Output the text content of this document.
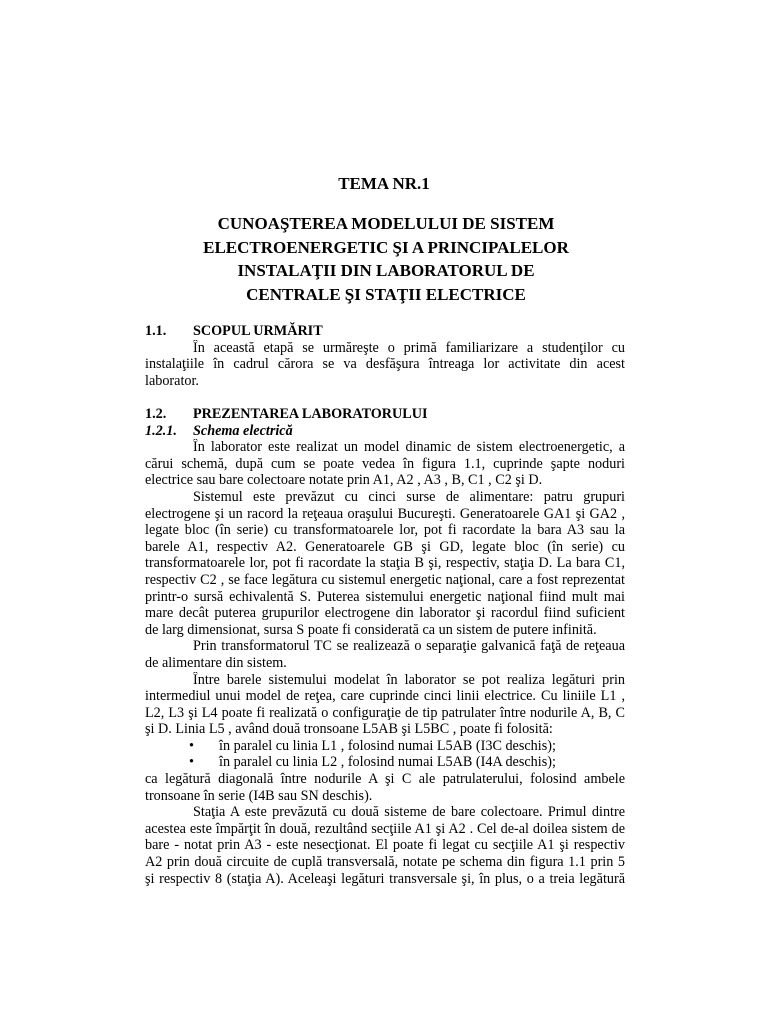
TEMA NR.1
CUNOAŞTEREA MODELULUI DE SISTEM
ELECTROENERGETIC ŞI A PRINCIPALELOR
INSTALAŢII DIN LABORATORUL DE
CENTRALE ŞI STAŢII ELECTRICE
1.1. SCOPUL URMĂRIT
În această etapă se urmăreşte o primă familiarizare a studenţilor cu
instalaţiile în cadrul cărora se va desfăşura întreaga lor activitate din acest
laborator.
1.2. PREZENTAREA LABORATORULUI
1.2.1. Schema electrică
În laborator este realizat un model dinamic de sistem electroenergetic, a
cărui schemă, după cum se poate vedea în figura 1.1, cuprinde şapte noduri
electrice sau bare colectoare notate prin A1, A2 , A3 , B, C1 , C2 şi D.
Sistemul este prevăzut cu cinci surse de alimentare: patru grupuri
electrogene şi un racord la reţeaua oraşului Bucureşti. Generatoarele GA1 şi GA2 ,
legate bloc (în serie) cu transformatoarele lor, pot fi racordate la bara A3 sau la
barele A1, respectiv A2. Generatoarele GB şi GD, legate bloc (în serie) cu
transformatoarele lor, pot fi racordate la staţia B şi, respectiv, staţia D. La bara C1,
respectiv C2 , se face legătura cu sistemul energetic naţional, care a fost reprezentat
printr-o sursă echivalentă S. Puterea sistemului energetic naţional fiind mult mai
mare decât puterea grupurilor electrogene din laborator şi racordul fiind suficient
de larg dimensionat, sursa S poate fi considerată ca un sistem de putere infinită.
Prin transformatorul TC se realizează o separaţie galvanică faţă de reţeaua
de alimentare din sistem.
Între barele sistemului modelat în laborator se pot realiza legături prin
intermediul unui model de reţea, care cuprinde cinci linii electrice. Cu liniile L1 ,
L2, L3 şi L4 poate fi realizată o configuraţie de tip patrulater între nodurile A, B, C
şi D. Linia L5 , având două tronsoane L5AB şi L5BC , poate fi folosită:
• în paralel cu linia L1 , folosind numai L5AB (I3C deschis);
• în paralel cu linia L2 , folosind numai L5AB (I4A deschis);
ca legătură diagonală între nodurile A şi C ale patrulaterului, folosind ambele
tronsoane în serie (I4B sau SN deschis).
Staţia A este prevăzută cu două sisteme de bare colectoare. Primul dintre
acestea este împărţit în două, rezultând secţiile A1 şi A2 . Cel de-al doilea sistem de
bare - notat prin A3 - este nesecţionat. El poate fi legat cu secţiile A1 şi respectiv
A2 prin două circuite de cuplă transversală, notate pe schema din figura 1.1 prin 5
şi respectiv 8 (staţia A). Aceleaşi legături transversale şi, în plus, o a treia legătură
